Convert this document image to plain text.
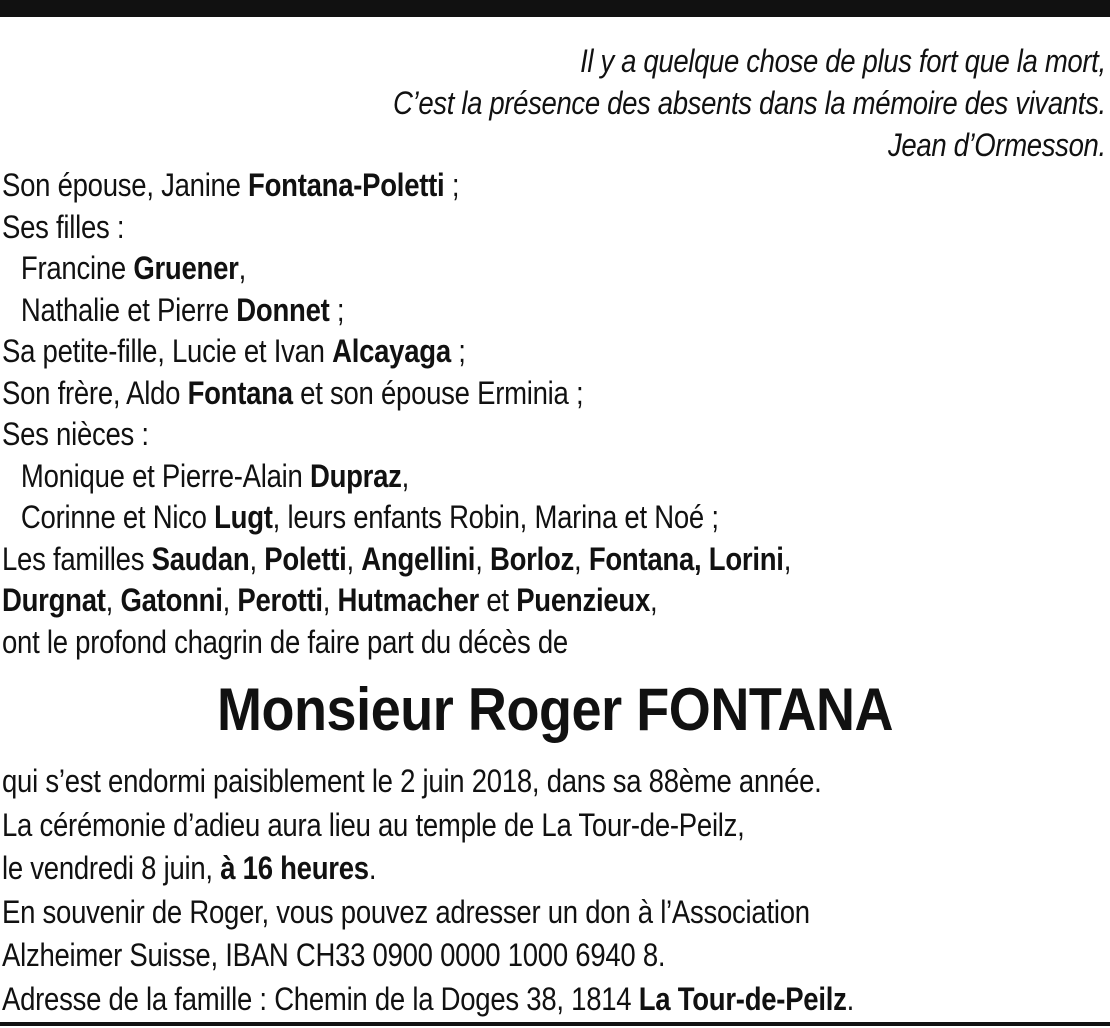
Il y a quelque chose de plus fort que la mort,
C’est la présence des absents dans la mémoire des vivants.
Jean d’Ormesson.
Son épouse, Janine Fontana-Poletti ;
Ses filles :
Francine Gruener,
Nathalie et Pierre Donnet ;
Sa petite-fille, Lucie et Ivan Alcayaga ;
Son frère, Aldo Fontana et son épouse Erminia ;
Ses nièces :
Monique et Pierre-Alain Dupraz,
Corinne et Nico Lugt, leurs enfants Robin, Marina et Noé ;
Les familles Saudan, Poletti, Angellini, Borloz, Fontana, Lorini,
Durgnat, Gatonni, Perotti, Hutmacher et Puenzieux,
ont le profond chagrin de faire part du décès de
Monsieur Roger FONTANA
qui s’est endormi paisiblement le 2 juin 2018, dans sa 88ème année.
La cérémonie d’adieu aura lieu au temple de La Tour-de-Peilz,
le vendredi 8 juin, à 16 heures.
En souvenir de Roger, vous pouvez adresser un don à l’Association
Alzheimer Suisse, IBAN CH33 0900 0000 1000 6940 8.
Adresse de la famille : Chemin de la Doges 38, 1814 La Tour-de-Peilz.
